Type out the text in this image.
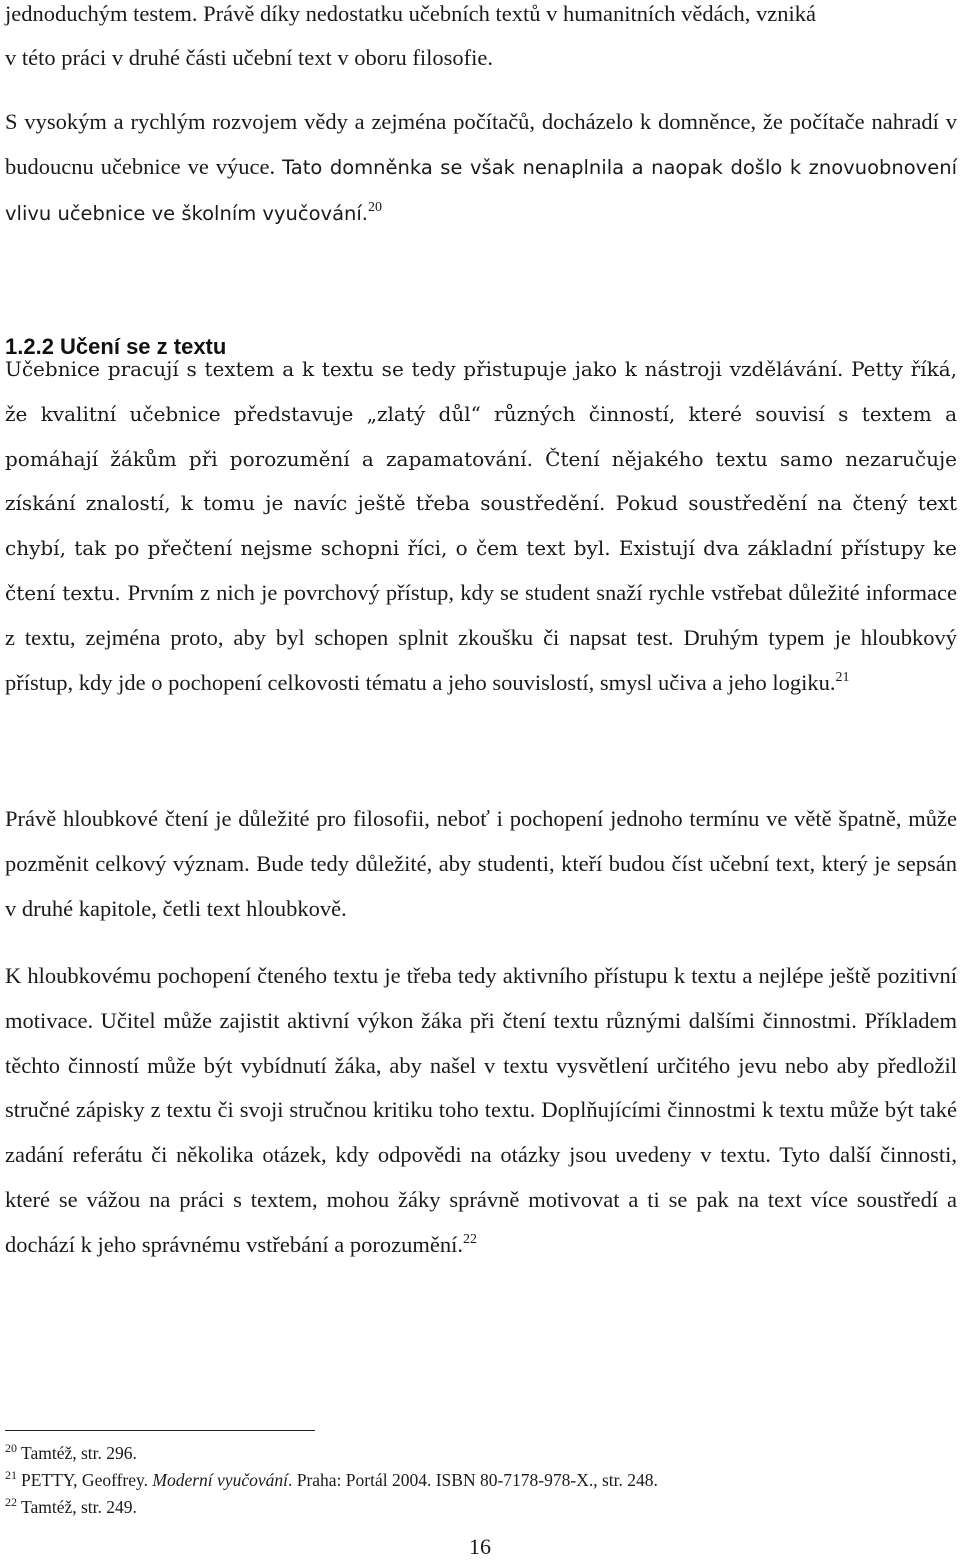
jednoduchým testem. Právě díky nedostatku učebních textů v humanitních vědách, vzniká

v této práci v druhé části učební text v oboru filosofie.

S vysokým a rychlým rozvojem vědy a zejména počítačů, docházelo k domněnce, že počítače nahradí v budoucnu učebnice ve výuce. Tato domněnka se však nenaplnila a naopak došlo k znovuobnovení vlivu učebnice ve školním vyučování.$^{20}$

1.2.2 Učení se z textu

Učebnice pracují s textem a k textu se tedy přistupuje jako k nástroji vzdělávání. Petty říká, že kvalitní učebnice představuje „zlatý důl“ různých činností, které souvisí s textem a pomáhají žákům při porozumění a zapamatování. Čtení nějakého textu samo nezaručuje získání znalostí, k tomu je navíc ještě třeba soustředění. Pokud soustředění na čtený text chybí, tak po přečtení nejsme schopni říci, o čem text byl. Existují dva základní přístupy ke čtení textu. Prvním z nich je povrchový přístup, kdy se student snaží rychle vstřebat důležité informace z textu, zejména proto, aby byl schopen splnit zkoušku či napsat test. Druhým typem je hloubkový přístup, kdy jde o pochopení celkovosti tématu a jeho souvislostí, smysl učiva a jeho logiku.$^{21}$

Právě hloubkové čtení je důležité pro filosofii, neboť i pochopení jednoho termínu ve větě špatně, může pozměnit celkový význam. Bude tedy důležité, aby studenti, kteří budou číst učební text, který je sepsán v druhé kapitole, četli text hloubkově.

K hloubkovému pochopení čteného textu je třeba tedy aktivního přístupu k textu a nejlépe ještě pozitivní motivace. Učitel může zajistit aktivní výkon žáka při čtení textu různými dalšími činnostmi. Příkladem těchto činností může být vybídnutí žáka, aby našel v textu vysvětlení určitého jevu nebo aby předložil stručné zápisky z textu či svoji stručnou kritiku toho textu. Doplňujícími činnostmi k textu může být také zadání referátu či několika otázek, kdy odpovědi na otázky jsou uvedeny v textu. Tyto další činnosti, které se vážou na práci s textem, mohou žáky správně motivovat a ti se pak na text více soustředí a dochází k jeho správnému vstřebání a porozumění.$^{22}$

$^{20}$ Tamtéž, str. 296.

$^{21}$ PETTY, Geoffrey. Moderní vyučování. Praha: Portál 2004. ISBN 80-7178-978-X., str. 248.

$^{22}$ Tamtéž, str. 249.

16
